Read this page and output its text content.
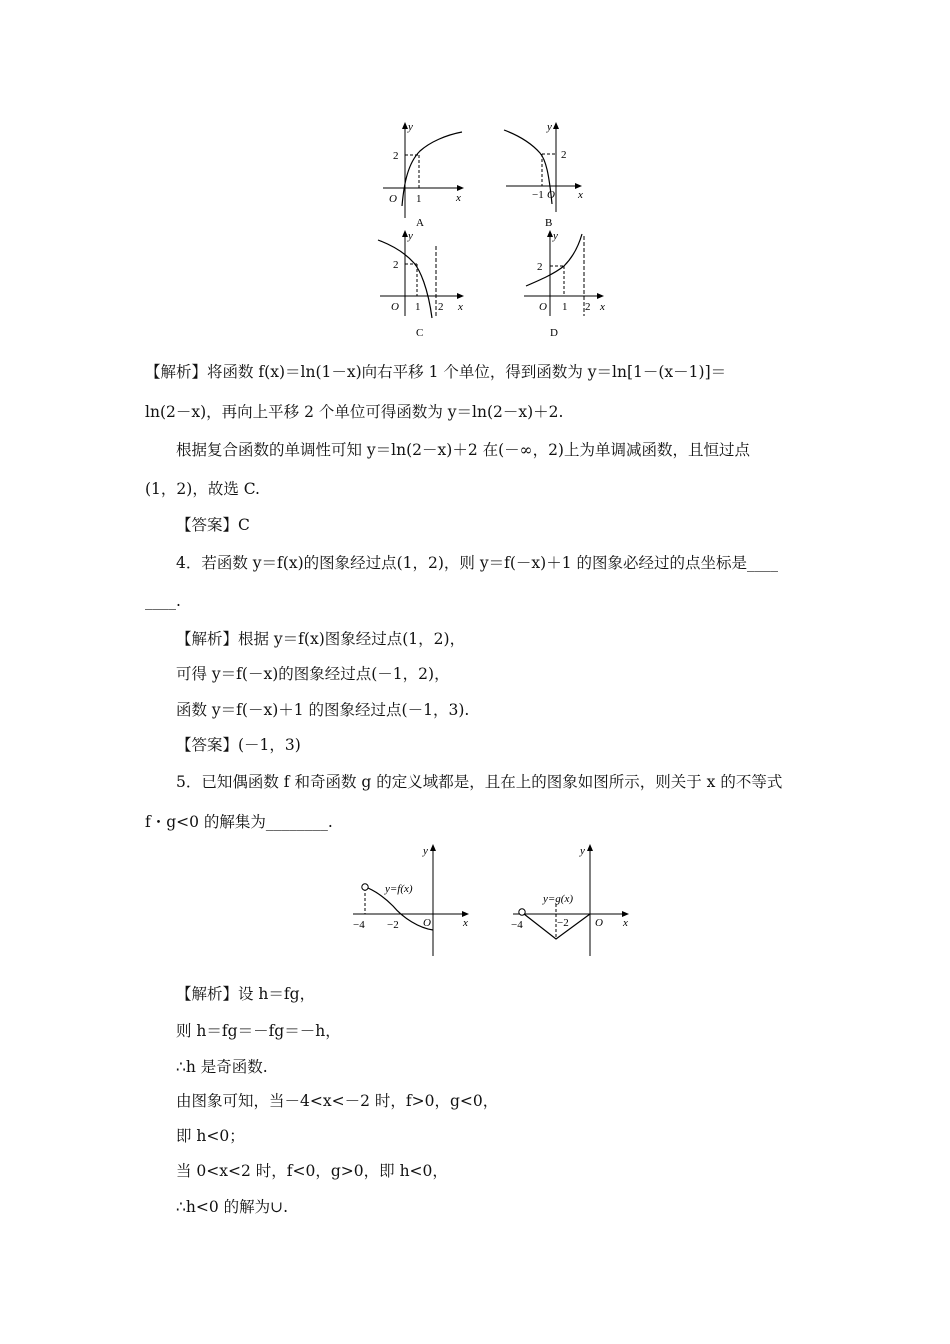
y
x
O 1
2
A
y
x
O
−1
2
B
y
x
O 1
2
2
C
y
x
O 1
2
2
D
【解析】将函数 f(x)＝ln(1－x)向右平移 1 个单位，得到函数为 y＝ln[1－(x－1)]＝
ln(2－x)，再向上平移 2 个单位可得函数为 y＝ln(2－x)＋2.
根据复合函数的单调性可知 y＝ln(2－x)＋2 在(－∞，2)上为单调减函数，且恒过点
(1，2)，故选 C.
【答案】C
4．若函数 y＝f(x)的图象经过点(1，2)，则 y＝f(－x)＋1 的图象必经过的点坐标是____
____.
【解析】根据 y＝f(x)图象经过点(1，2)，
可得 y＝f(－x)的图象经过点(－1，2)，
函数 y＝f(－x)＋1 的图象经过点(－1，3).
【答案】(－1，3)
5．已知偶函数 f 和奇函数 g 的定义域都是，且在上的图象如图所示，则关于 x 的不等式
f・g<0 的解集为________.
y
x
O
−4 −2
y=f(x)
y
x
O
−4	−2
y=g(x)
【解析】设 h＝fg，
则 h＝fg＝－fg＝－h，
∴h 是奇函数.
由图象可知，当－4<x<－2 时，f>0，g<0，
即 h<0；
当 0<x<2 时，f<0，g>0，即 h<0，
∴h<0 的解为∪.
